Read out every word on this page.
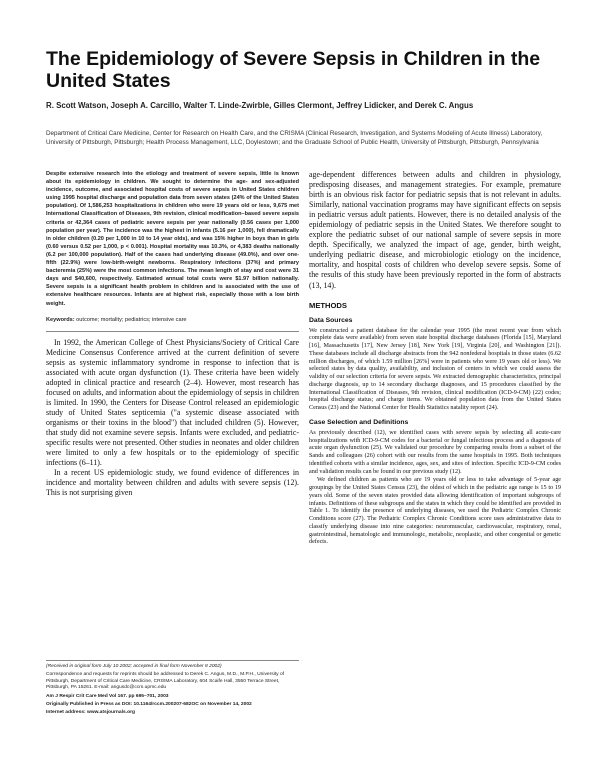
The Epidemiology of Severe Sepsis in Children in the United States
R. Scott Watson, Joseph A. Carcillo, Walter T. Linde-Zwirble, Gilles Clermont, Jeffrey Lidicker, and Derek C. Angus
Department of Critical Care Medicine, Center for Research on Health Care, and the CRISMA (Clinical Research, Investigation, and Systems Modeling of Acute Illness) Laboratory, University of Pittsburgh, Pittsburgh; Health Process Management, LLC, Doylestown; and the Graduate School of Public Health, University of Pittsburgh, Pittsburgh, Pennsylvania

Despite extensive research into the etiology and treatment of severe sepsis, little is known about its epidemiology in children. We sought to determine the age- and sex-adjusted incidence, outcome, and associated hospital costs of severe sepsis in United States children using 1995 hospital discharge and population data from seven states (24% of the United States population). Of 1,586,253 hospitalizations in children who were 19 years old or less, 9,675 met International Classification of Diseases, 9th revision, clinical modification–based severe sepsis criteria or 42,364 cases of pediatric severe sepsis per year nationally (0.56 cases per 1,000 population per year). The incidence was the highest in infants (5.16 per 1,000), fell dramatically in older children (0.20 per 1,000 in 10 to 14 year olds), and was 15% higher in boys than in girls (0.60 versus 0.52 per 1,000, p < 0.001). Hospital mortality was 10.3%, or 4,383 deaths nationally (6.2 per 100,000 population). Half of the cases had underlying disease (49.0%), and over one-fifth (22.9%) were low-birth-weight newborns. Respiratory infections (37%) and primary bacteremia (25%) were the most common infections. The mean length of stay and cost were 31 days and $40,600, respectively. Estimated annual total costs were $1.97 billion nationally. Severe sepsis is a significant health problem in children and is associated with the use of extensive healthcare resources. Infants are at highest risk, especially those with a low birth weight.

Keywords: outcome; mortality; pediatrics; intensive care

In 1992, the American College of Chest Physicians/Society of Critical Care Medicine Consensus Conference arrived at the current definition of severe sepsis as systemic inflammatory syndrome in response to infection that is associated with acute organ dysfunction (1). These criteria have been widely adopted in clinical practice and research (2–4). However, most research has focused on adults, and information about the epidemiology of sepsis in children is limited. In 1990, the Centers for Disease Control released an epidemiologic study of United States septicemia ("a systemic disease associated with organisms or their toxins in the blood") that included children (5). However, that study did not examine severe sepsis. Infants were excluded, and pediatric-specific results were not presented. Other studies in neonates and older children were limited to only a few hospitals or to the epidemiology of specific infections (6–11).

In a recent US epidemiologic study, we found evidence of differences in incidence and mortality between children and adults with severe sepsis (12). This is not surprising given

(Received in original form July 10 2002; accepted in final form November 8 2002)

Correspondence and requests for reprints should be addressed to Derek C. Angus, M.D., M.P.H., University of Pittsburgh, Department of Critical Care Medicine, CRISMA Laboratory, 604 Scaife Hall, 3550 Terrace Street, Pittsburgh, PA 15261. E-mail: angusdc@ccm.upmc.edu

Am J Respir Crit Care Med Vol 167. pp 695–701, 2003

Originally Published in Press as DOI: 10.1164/rccm.200207-682OC on November 14, 2002

Internet address: www.atsjournals.org

age-dependent differences between adults and children in physiology, predisposing diseases, and management strategies. For example, premature birth is an obvious risk factor for pediatric sepsis that is not relevant in adults. Similarly, national vaccination programs may have significant effects on sepsis in pediatric versus adult patients. However, there is no detailed analysis of the epidemiology of pediatric sepsis in the United States. We therefore sought to explore the pediatric subset of our national sample of severe sepsis in more depth. Specifically, we analyzed the impact of age, gender, birth weight, underlying pediatric disease, and microbiologic etiology on the incidence, mortality, and hospital costs of children who develop severe sepsis. Some of the results of this study have been previously reported in the form of abstracts (13, 14).

METHODS
Data Sources

We constructed a patient database for the calendar year 1995 (the most recent year from which complete data were available) from seven state hospital discharge databases (Florida [15], Maryland [16], Massachusetts [17], New Jersey [18], New York [19], Virginia [20], and Washington [21]). These databases include all discharge abstracts from the 942 nonfederal hospitals in those states (6.62 million discharges, of which 1.59 million [26%] were in patients who were 19 years old or less). We selected states by data quality, availability, and inclusion of centers in which we could assess the validity of our selection criteria for severe sepsis. We extracted demographic characteristics, principal discharge diagnosis, up to 14 secondary discharge diagnoses, and 15 procedures classified by the International Classification of Diseases, 9th revision, clinical modification (ICD-9-CM) (22) codes; hospital discharge status; and charge items. We obtained population data from the United States Census (23) and the National Center for Health Statistics natality report (24).

Case Selection and Definitions

As previously described (12), we identified cases with severe sepsis by selecting all acute-care hospitalizations with ICD-9-CM codes for a bacterial or fungal infectious process and a diagnosis of acute organ dysfunction (25). We validated our procedure by comparing results from a subset of the Sands and colleagues (26) cohort with our results from the same hospitals in 1995. Both techniques identified cohorts with a similar incidence, ages, sex, and sites of infection. Specific ICD-9-CM codes and validation results can be found in our previous study (12).

We defined children as patients who are 19 years old or less to take advantage of 5-year age groupings by the United States Census (23), the oldest of which in the pediatric age range is 15 to 19 years old. Some of the seven states provided data allowing identification of important subgroups of infants. Definitions of these subgroups and the states in which they could be identified are provided in Table 1. To identify the presence of underlying diseases, we used the Pediatric Complex Chronic Conditions score (27). The Pediatric Complex Chronic Conditions score uses administrative data to classify underlying disease into nine categories: neuromuscular, cardiovascular, respiratory, renal, gastrointestinal, hematologic and immunologic, metabolic, neoplastic, and other congenital or genetic defects.
